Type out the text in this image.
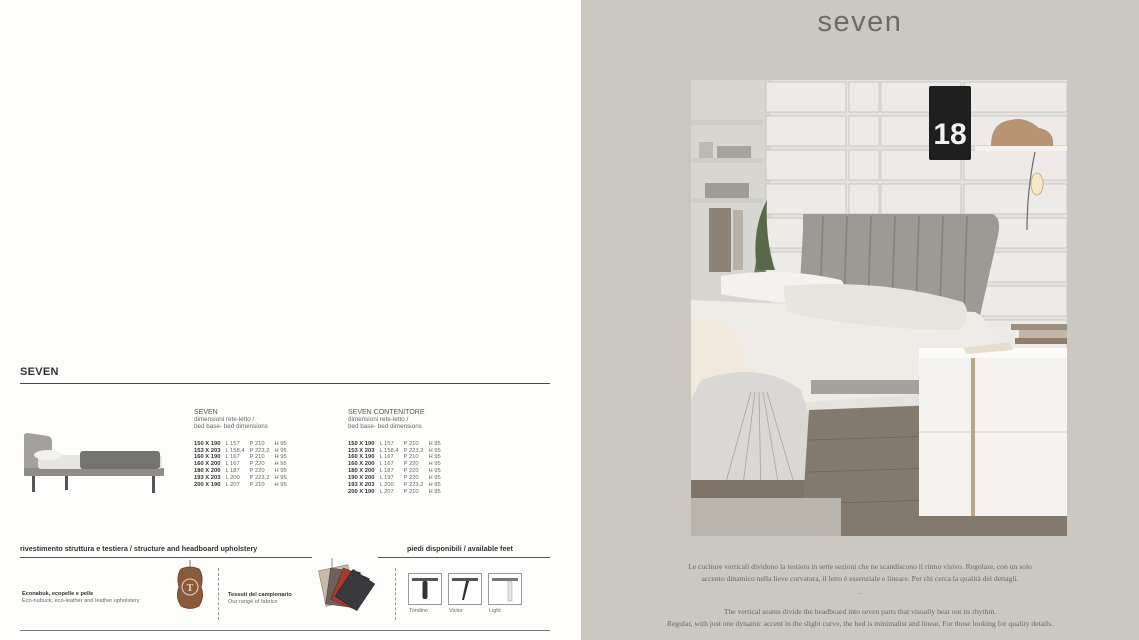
SEVEN
SEVEN
dimensioni rete-letto /
bed base- bed dimensions
150 X 190	L 157	P 210	H 95
153 X 203	L 158,4	P 223,2	H 95
160 X 190	L 167	P 210	H 95
160 X 200	L 167	P 220	H 95
180 X 200	L 187	P 220	H 95
193 X 203	L 200	P 223,2	H 95
200 X 190	L 207	P 210	H 95
SEVEN CONTENITORE
dimensioni rete-letto /
bed base- bed dimensions
150 X 190	L 157	P 210	H 95
153 X 203	L 158,4	P 223,2	H 95
160 X 190	L 167	P 210	H 95
160 X 200	L 167	P 220	H 95
180 X 200	L 187	P 220	H 95
190 X 200	L 197	P 220	H 95
193 X 203	L 200	P 223,2	H 95
200 X 190	L 207	P 210	H 95
rivestimento struttura e testiera / structure and headboard upholstery	piedi disponibili / available feet
Econabuk, ecopelle e pelle
Eco-nubuck, eco-leather and leather upholstery
T
Tessuti del campionario
Our range of fabrics
Tondino	Victor	Light
seven
18
Le cuciture verticali dividono la testiera in sette sezioni che ne scandiscono il ritmo visivo. Regolare, con un solo
accento dinamico nella lieve curvatura, il letto è essenziale e lineare. Per chi cerca la qualità dei dettagli.
–
The vertical seams divide the headboard into seven parts that visually beat out its rhythm.
Regular, with just one dynamic accent in the slight curve, the bed is minimalist and linear. For those looking for quality details.
